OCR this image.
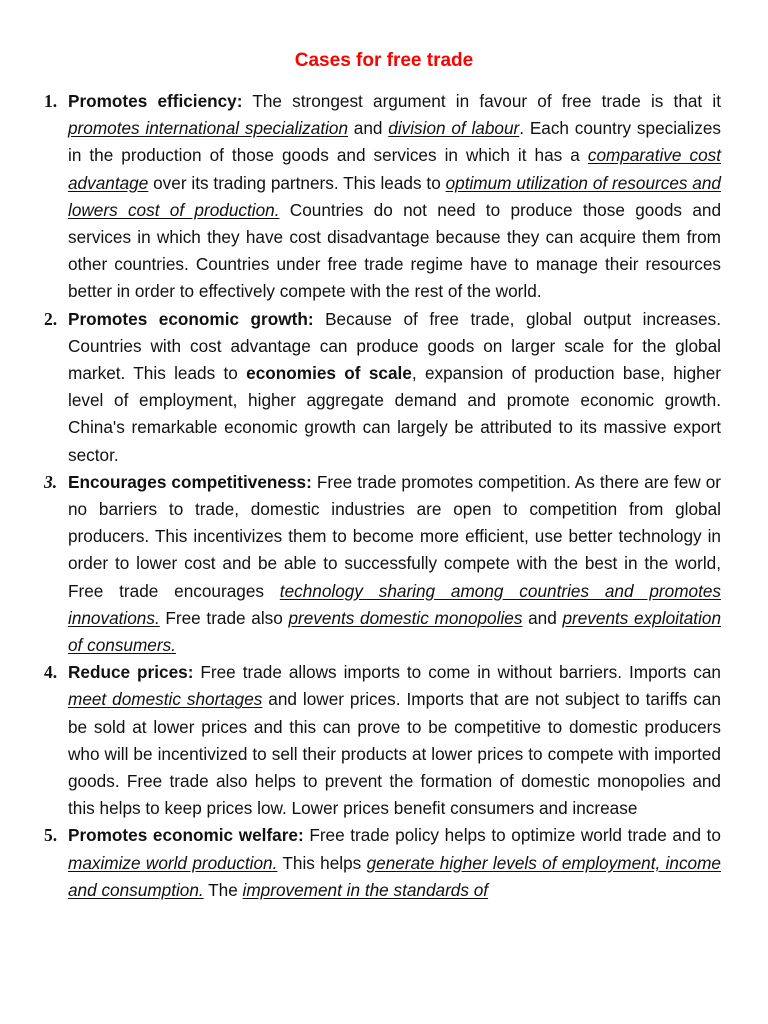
Cases for free trade
1. Promotes efficiency: The strongest argument in favour of free trade is that it promotes international specialization and division of labour. Each country specializes in the production of those goods and services in which it has a comparative cost advantage over its trading partners. This leads to optimum utilization of resources and lowers cost of production. Countries do not need to produce those goods and services in which they have cost disadvantage because they can acquire them from other countries. Countries under free trade regime have to manage their resources better in order to effectively compete with the rest of the world.
2. Promotes economic growth: Because of free trade, global output increases. Countries with cost advantage can produce goods on larger scale for the global market. This leads to economies of scale, expansion of production base, higher level of employment, higher aggregate demand and promote economic growth. China's remarkable economic growth can largely be attributed to its massive export sector.
3. Encourages competitiveness: Free trade promotes competition. As there are few or no barriers to trade, domestic industries are open to competition from global producers. This incentivizes them to become more efficient, use better technology in order to lower cost and be able to successfully compete with the best in the world, Free trade encourages technology sharing among countries and promotes innovations. Free trade also prevents domestic monopolies and prevents exploitation of consumers.
4. Reduce prices: Free trade allows imports to come in without barriers. Imports can meet domestic shortages and lower prices. Imports that are not subject to tariffs can be sold at lower prices and this can prove to be competitive to domestic producers who will be incentivized to sell their products at lower prices to compete with imported goods. Free trade also helps to prevent the formation of domestic monopolies and this helps to keep prices low. Lower prices benefit consumers and increase
5. Promotes economic welfare: Free trade policy helps to optimize world trade and to maximize world production. This helps generate higher levels of employment, income and consumption. The improvement in the standards of
